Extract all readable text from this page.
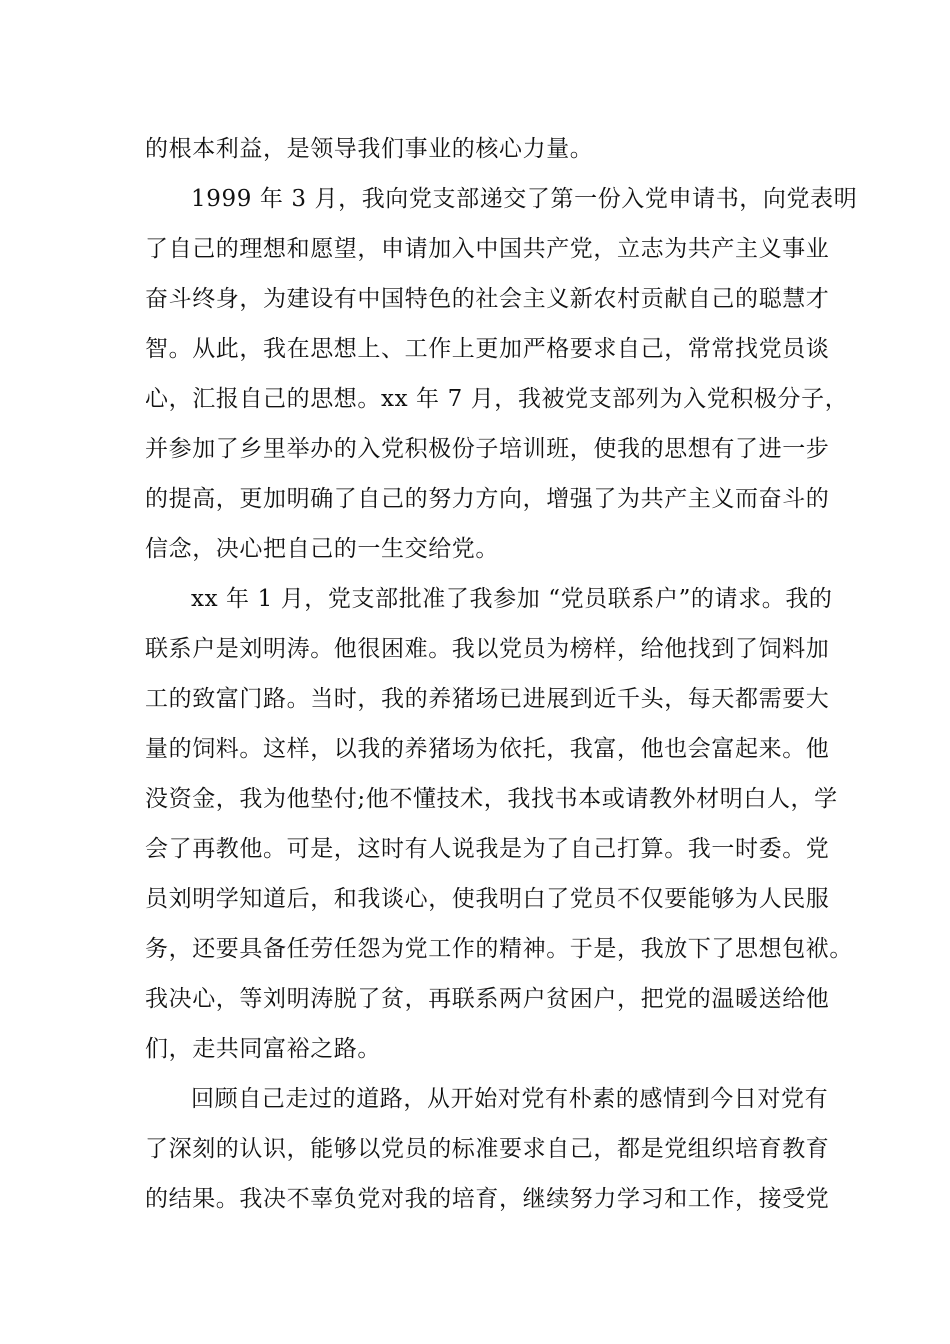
的根本利益，是领导我们事业的核心力量。
1999 年 3 月，我向党支部递交了第一份入党申请书，向党表明
了自己的理想和愿望，申请加入中国共产党，立志为共产主义事业
奋斗终身，为建设有中国特色的社会主义新农村贡献自己的聪慧才
智。从此，我在思想上、工作上更加严格要求自己，常常找党员谈
心，汇报自己的思想。xx 年 7 月，我被党支部列为入党积极分子，
并参加了乡里举办的入党积极份子培训班，使我的思想有了进一步
的提高，更加明确了自己的努力方向，增强了为共产主义而奋斗的
信念，决心把自己的一生交给党。
xx 年 1 月，党支部批准了我参加 “党员联系户”的请求。我的
联系户是刘明涛。他很困难。我以党员为榜样，给他找到了饲料加
工的致富门路。当时，我的养猪场已进展到近千头，每天都需要大
量的饲料。这样，以我的养猪场为依托，我富，他也会富起来。他
没资金，我为他垫付;他不懂技术，我找书本或请教外材明白人，学
会了再教他。可是，这时有人说我是为了自己打算。我一时委。党
员刘明学知道后，和我谈心，使我明白了党员不仅要能够为人民服
务，还要具备任劳任怨为党工作的精神。于是，我放下了思想包袱。
我决心，等刘明涛脱了贫，再联系两户贫困户，把党的温暖送给他
们，走共同富裕之路。
回顾自己走过的道路，从开始对党有朴素的感情到今日对党有
了深刻的认识，能够以党员的标准要求自己，都是党组织培育教育
的结果。我决不辜负党对我的培育，继续努力学习和工作，接受党
